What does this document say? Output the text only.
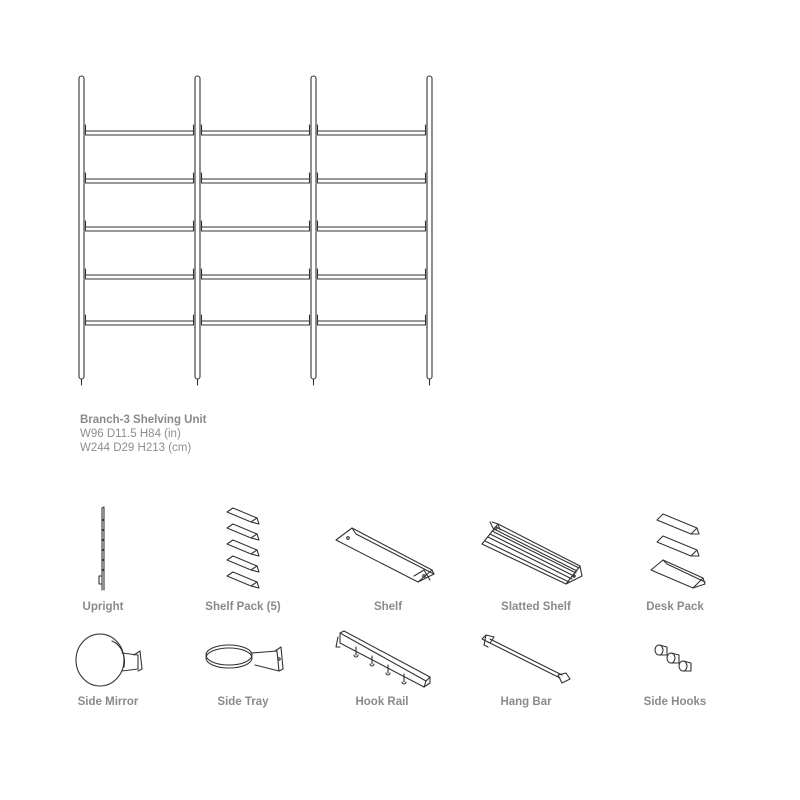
Branch-3 Shelving Unit
W96 D11.5 H84 (in)
W244 D29 H213 (cm)
Upright	Shelf Pack (5)	Shelf	Slatted Shelf	Desk Pack
Side Mirror	Side Tray	Hook Rail	Hang Bar	Side Hooks
